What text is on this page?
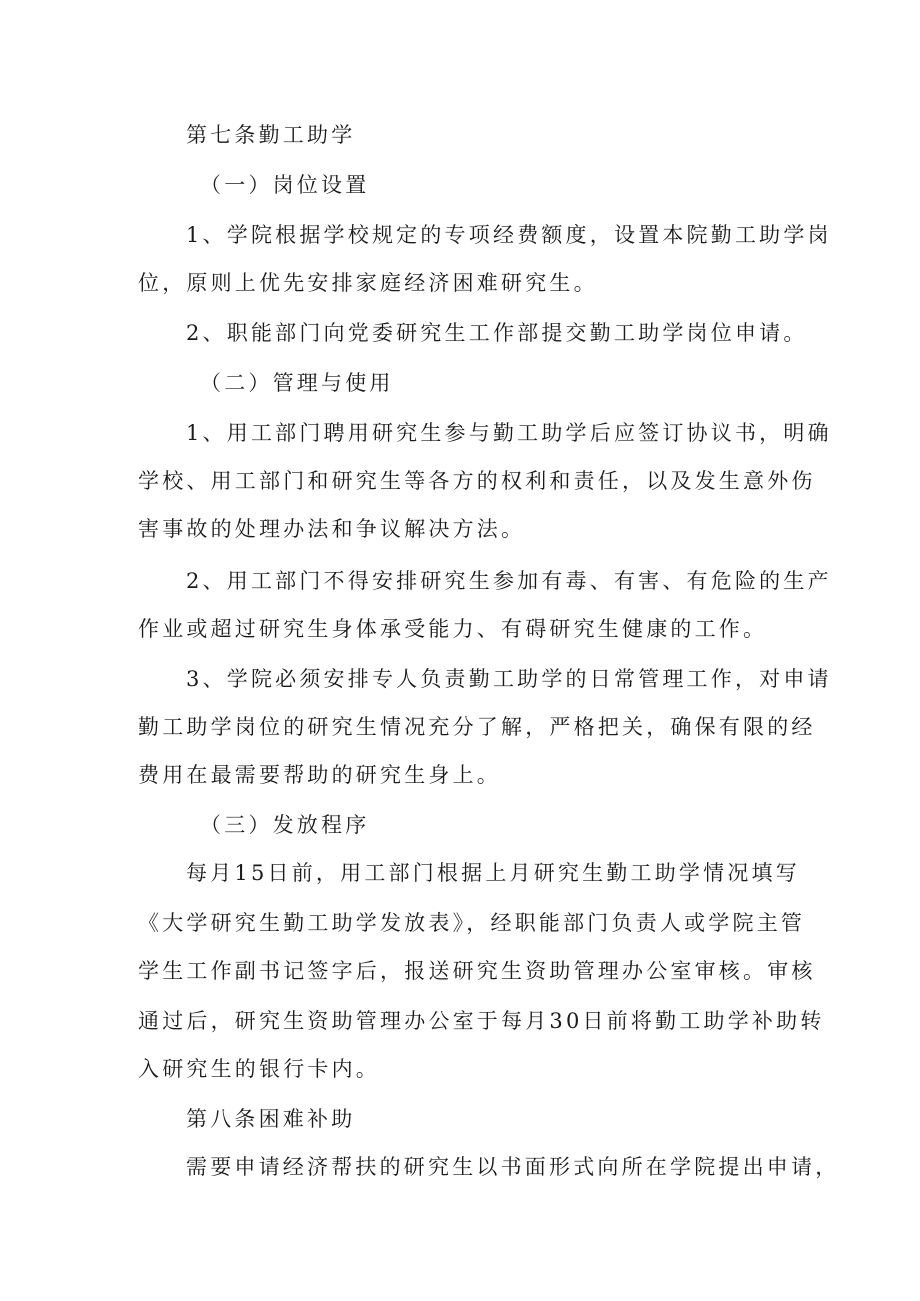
第七条勤工助学
（一）岗位设置
1、学院根据学校规定的专项经费额度，设置本院勤工助学岗
位，原则上优先安排家庭经济困难研究生。
2、职能部门向党委研究生工作部提交勤工助学岗位申请。
（二）管理与使用
1、用工部门聘用研究生参与勤工助学后应签订协议书，明确
学校、用工部门和研究生等各方的权利和责任，以及发生意外伤
害事故的处理办法和争议解决方法。
2、用工部门不得安排研究生参加有毒、有害、有危险的生产
作业或超过研究生身体承受能力、有碍研究生健康的工作。
3、学院必须安排专人负责勤工助学的日常管理工作，对申请
勤工助学岗位的研究生情况充分了解，严格把关，确保有限的经
费用在最需要帮助的研究生身上。
（三）发放程序
每月15日前，用工部门根据上月研究生勤工助学情况填写
《大学研究生勤工助学发放表》，经职能部门负责人或学院主管
学生工作副书记签字后，报送研究生资助管理办公室审核。审核
通过后，研究生资助管理办公室于每月30日前将勤工助学补助转
入研究生的银行卡内。
第八条困难补助
需要申请经济帮扶的研究生以书面形式向所在学院提出申请，
